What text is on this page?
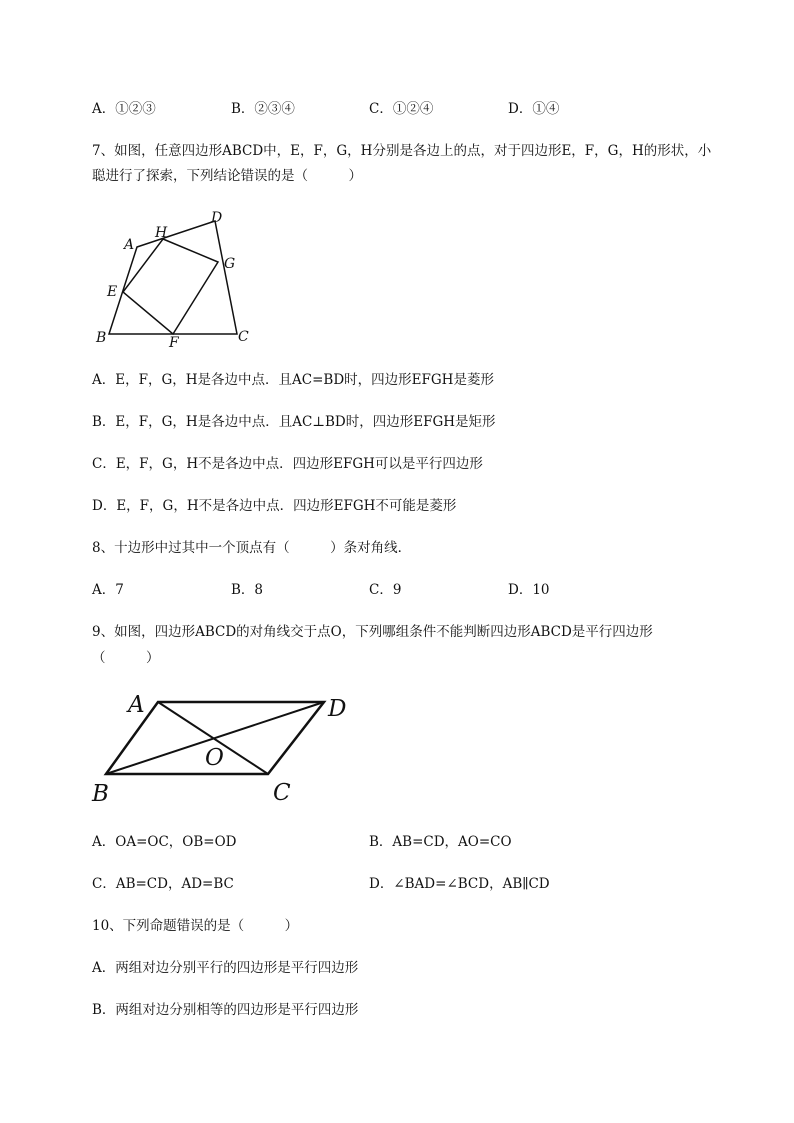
A．①②③	B．②③④	C．①②④	D．①④
7、如图，任意四边形ABCD中，E，F，G，H分别是各边上的点，对于四边形E，F，G，H的形状，小
聪进行了探索，下列结论错误的是（　　　）
A
H
D
G
E
B	F	C
A．E，F，G，H是各边中点．且AC=BD时，四边形EFGH是菱形
B．E，F，G，H是各边中点．且AC⊥BD时，四边形EFGH是矩形
C．E，F，G，H不是各边中点．四边形EFGH可以是平行四边形
D．E，F，G，H不是各边中点．四边形EFGH不可能是菱形
8、十边形中过其中一个顶点有（　　　）条对角线．
A．7	B．8	C．9	D．10
9、如图，四边形ABCD的对角线交于点O，下列哪组条件不能判断四边形ABCD是平行四边形
（　　　）
A	D
O
B	C
A．OA=OC，OB=OD	B．AB=CD，AO=CO
C．AB=CD，AD=BC	D．∠BAD=∠BCD，AB∥CD
10、下列命题错误的是（　　　）
A．两组对边分别平行的四边形是平行四边形
B．两组对边分别相等的四边形是平行四边形
